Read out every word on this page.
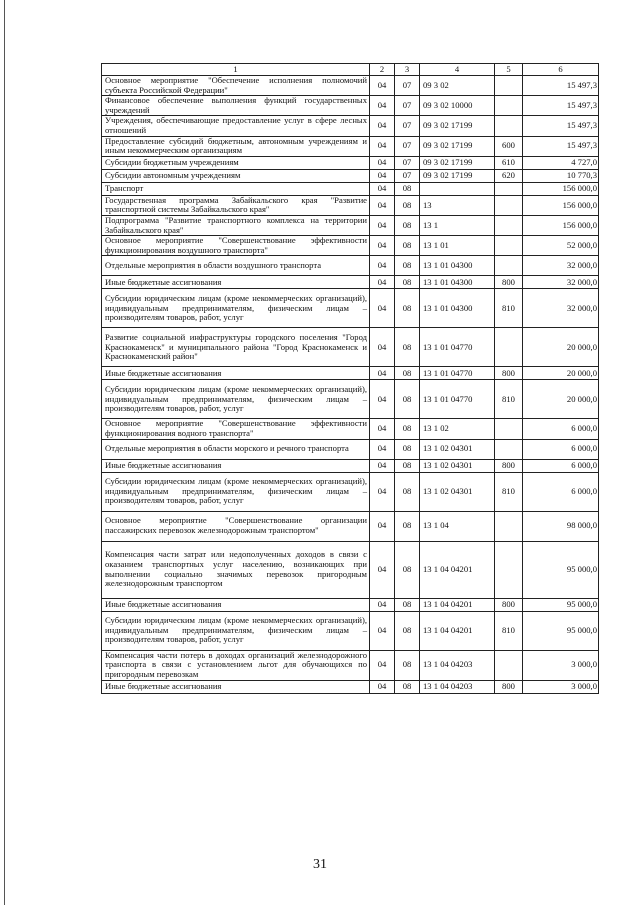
1	2	3	4	5	6
Основное мероприятие "Обеспечение исполнения полномочий субъекта Российской Федерации"	04	07	09 3 02		15 497,3
Финансовое обеспечение выполнения функций государственных учреждений	04	07	09 3 02 10000		15 497,3
Учреждения, обеспечивающие предоставление услуг в сфере лесных отношений	04	07	09 3 02 17199		15 497,3
Предоставление субсидий бюджетным, автономным учреждениям и иным некоммерческим организациям	04	07	09 3 02 17199	600	15 497,3
Субсидии бюджетным учреждениям	04	07	09 3 02 17199	610	4 727,0
Субсидии автономным учреждениям	04	07	09 3 02 17199	620	10 770,3
Транспорт	04	08			156 000,0
Государственная программа Забайкальского края "Развитие транспортной системы Забайкальского края"	04	08	13		156 000,0
Подпрограмма "Развитие транспортного комплекса на территории Забайкальского края"	04	08	13 1		156 000,0
Основное мероприятие "Совершенствование эффективности функционирования воздушного транспорта"	04	08	13 1 01		52 000,0
Отдельные мероприятия в области воздушного транспорта	04	08	13 1 01 04300		32 000,0
Иные бюджетные ассигнования	04	08	13 1 01 04300	800	32 000,0
Субсидии юридическим лицам (кроме некоммерческих организаций), индивидуальным предпринимателям, физическим лицам – производителям товаров, работ, услуг	04	08	13 1 01 04300	810	32 000,0
Развитие социальной инфраструктуры городского поселения "Город Краснокаменск" и муниципального района "Город Краснокаменск и Краснокаменский район"	04	08	13 1 01 04770		20 000,0
Иные бюджетные ассигнования	04	08	13 1 01 04770	800	20 000,0
Субсидии юридическим лицам (кроме некоммерческих организаций), индивидуальным предпринимателям, физическим лицам – производителям товаров, работ, услуг	04	08	13 1 01 04770	810	20 000,0
Основное мероприятие "Совершенствование эффективности функционирования водного транспорта"	04	08	13 1 02		6 000,0
Отдельные мероприятия в области морского и речного транспорта	04	08	13 1 02 04301		6 000,0
Иные бюджетные ассигнования	04	08	13 1 02 04301	800	6 000,0
Субсидии юридическим лицам (кроме некоммерческих организаций), индивидуальным предпринимателям, физическим лицам – производителям товаров, работ, услуг	04	08	13 1 02 04301	810	6 000,0
Основное мероприятие "Совершенствование организации пассажирских перевозок железнодорожным транспортом"	04	08	13 1 04		98 000,0
Компенсация части затрат или недополученных доходов в связи с оказанием транспортных услуг населению, возникающих при выполнении социально значимых перевозок пригородным железнодорожным транспортом	04	08	13 1 04 04201		95 000,0
Иные бюджетные ассигнования	04	08	13 1 04 04201	800	95 000,0
Субсидии юридическим лицам (кроме некоммерческих организаций), индивидуальным предпринимателям, физическим лицам – производителям товаров, работ, услуг	04	08	13 1 04 04201	810	95 000,0
Компенсация части потерь в доходах организаций железнодорожного транспорта в связи с установлением льгот для обучающихся по пригородным перевозкам	04	08	13 1 04 04203		3 000,0
Иные бюджетные ассигнования	04	08	13 1 04 04203	800	3 000,0
31
